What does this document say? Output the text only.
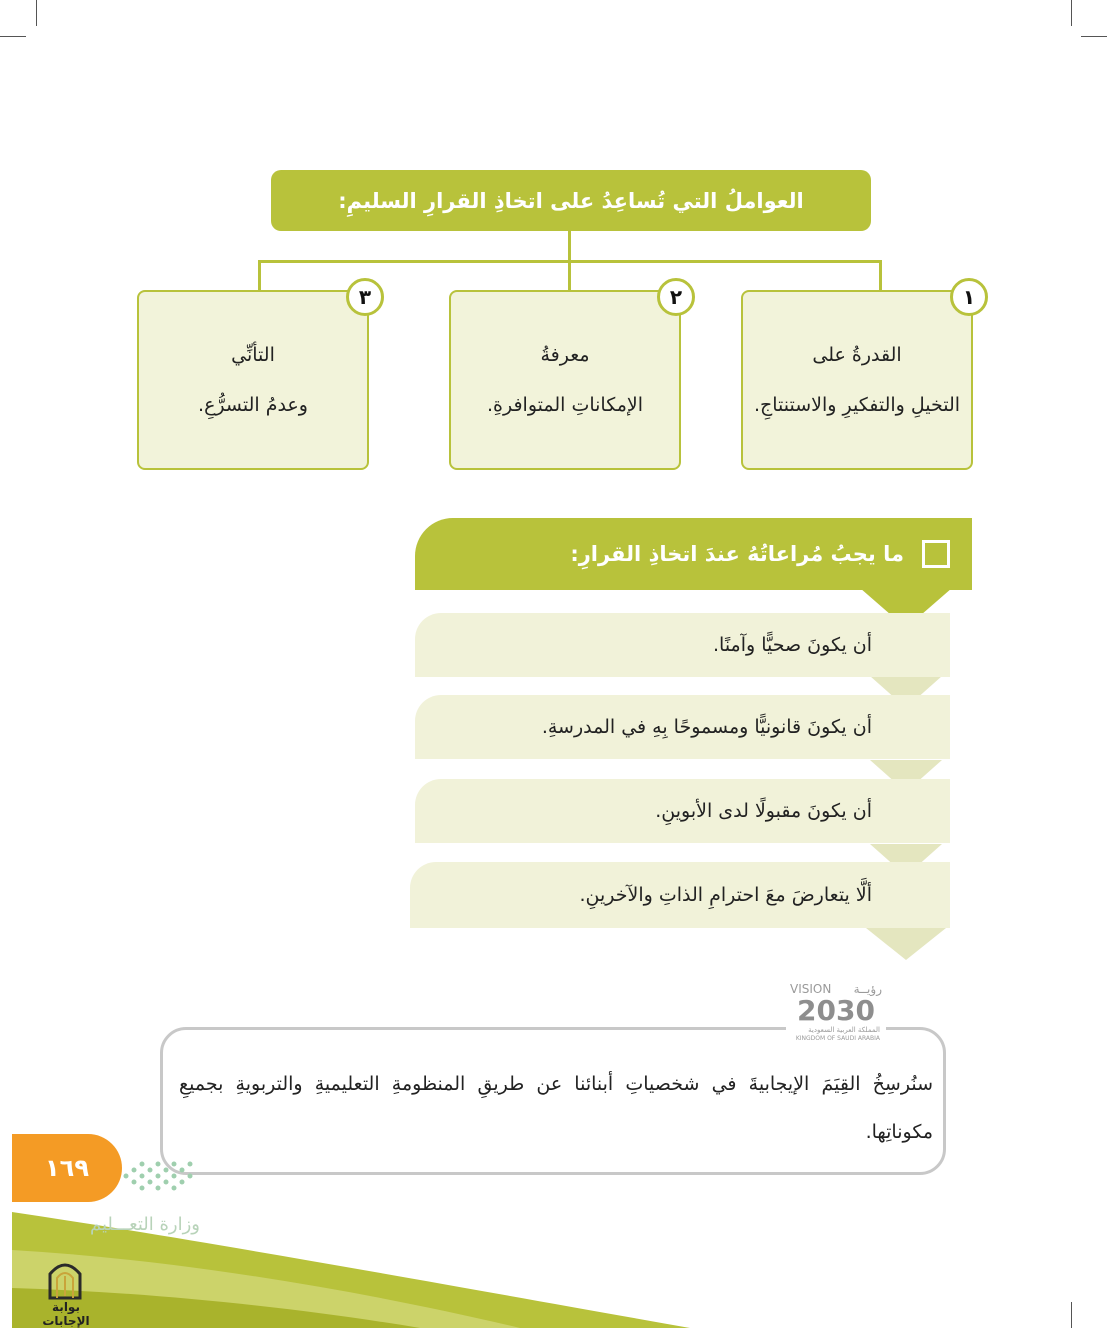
العواملُ التي تُساعِدُ على اتخاذِ القرارِ السليمِ:
القدرةُ على
التخيلِ والتفكيرِ والاستنتاجِ.
١
معرفةُ
الإمكاناتِ المتوافرةِ.
٢
التأنِّي
وعدمُ التسرُّعِ.
٣
ما يجبُ مُراعاتُهُ عندَ اتخاذِ القرارِ:
أن يكونَ صحيًّا وآمنًا.
أن يكونَ قانونيًّا ومسموحًا بِهِ في المدرسةِ.
أن يكونَ مقبولًا لدى الأبوينِ.
ألَّا يتعارضَ معَ احترامِ الذاتِ والآخرينِ.
سنُرسِخُ القِيَمَ الإيجابيةَ في شخصياتِ أبنائنا عن طريقِ المنظومةِ التعليميةِ والتربويةِ بجميعِ مكوناتِها.
VISION رؤيــة
2030
المملكة العربية السعودية
KINGDOM OF SAUDI ARABIA
١٦٩
وزارة التعـــليم
بوابة الإجابات
